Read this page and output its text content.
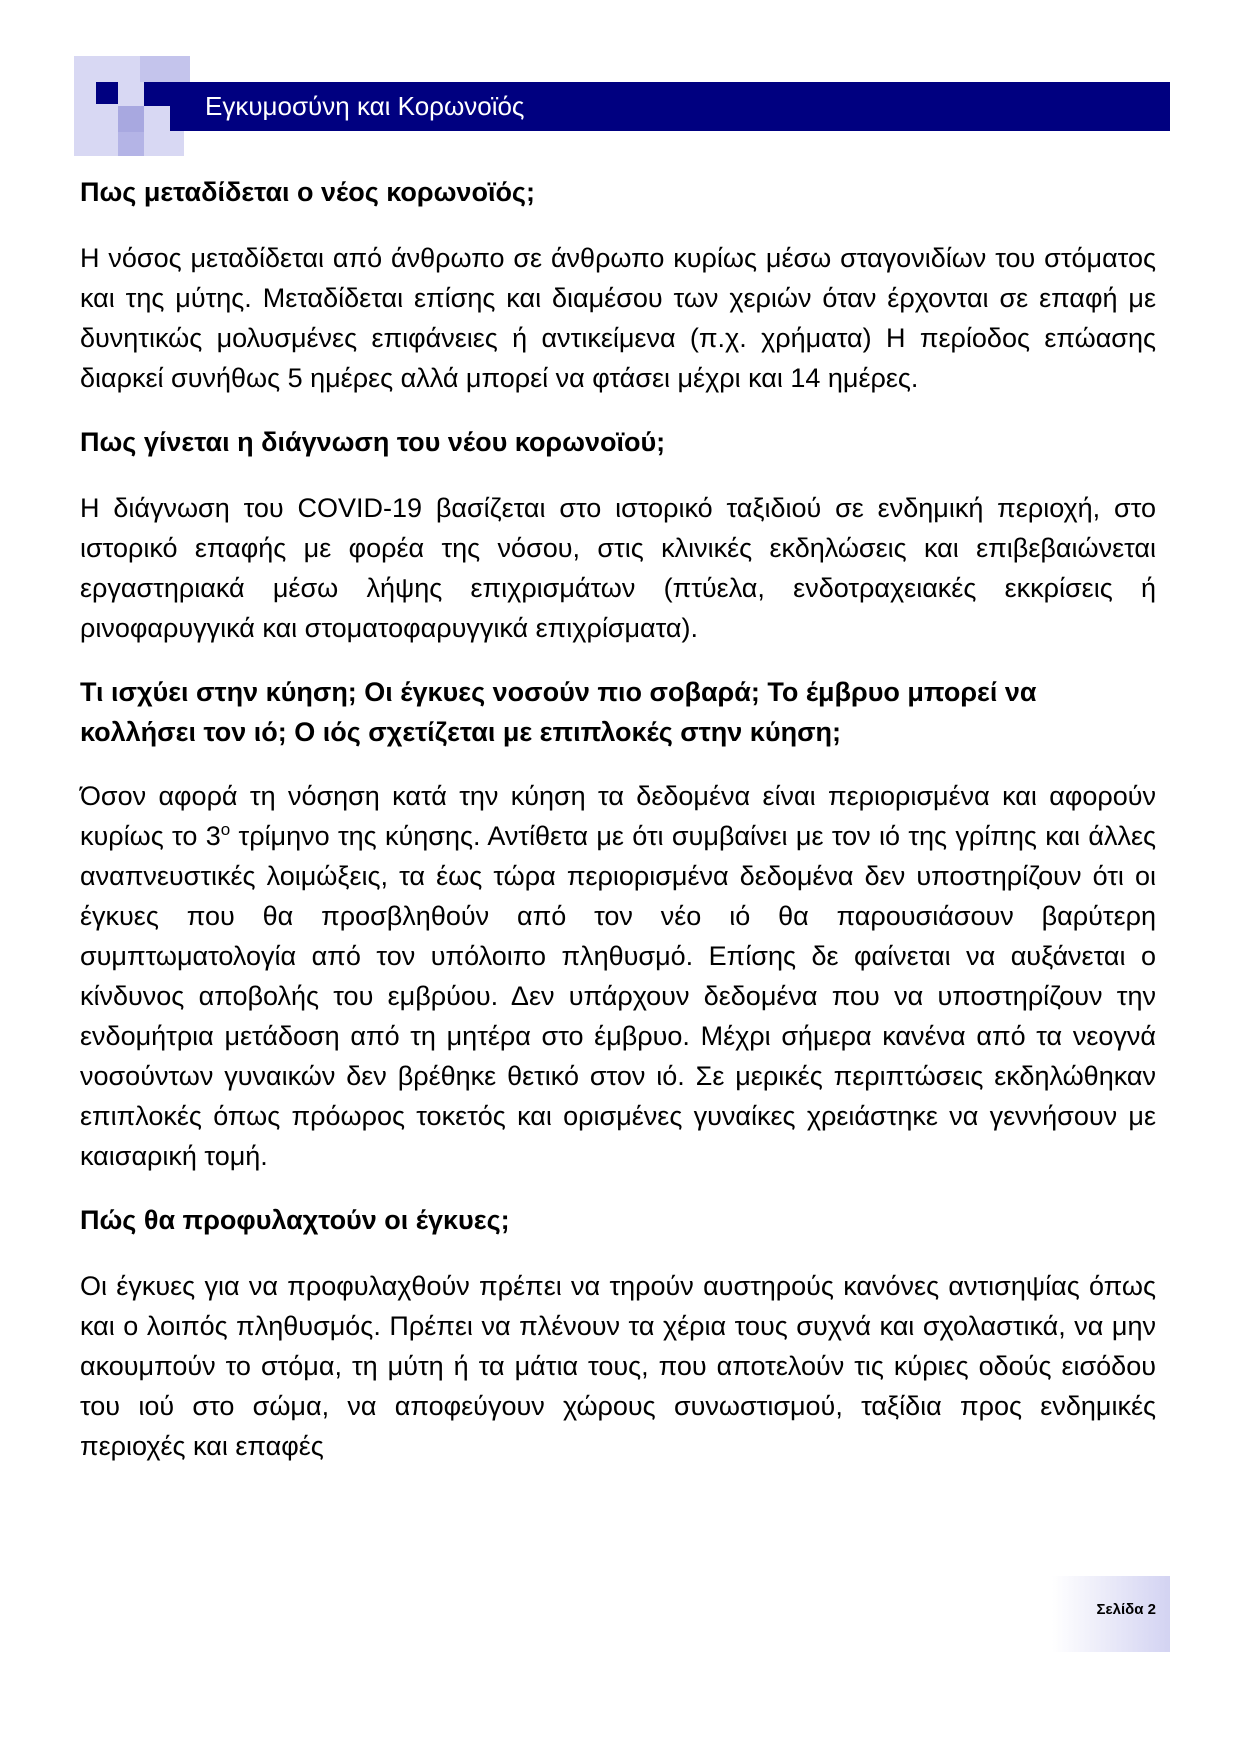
Εγκυμοσύνη και Κορωνοϊός
Πως μεταδίδεται ο νέος κορωνοϊός;

Η νόσος μεταδίδεται από άνθρωπο σε άνθρωπο κυρίως μέσω σταγονιδίων του στόματος και της μύτης. Μεταδίδεται επίσης και διαμέσου των χεριών όταν έρχονται σε επαφή με δυνητικώς μολυσμένες επιφάνειες ή αντικείμενα (π.χ. χρήματα) Η περίοδος επώασης διαρκεί συνήθως 5 ημέρες αλλά μπορεί να φτάσει μέχρι και 14 ημέρες.

Πως γίνεται η διάγνωση του νέου κορωνοϊού;

Η διάγνωση του COVID-19 βασίζεται στο ιστορικό ταξιδιού σε ενδημική περιοχή, στο ιστορικό επαφής με φορέα της νόσου, στις κλινικές εκδηλώσεις και επιβεβαιώνεται εργαστηριακά μέσω λήψης επιχρισμάτων (πτύελα, ενδοτραχειακές εκκρίσεις ή ρινοφαρυγγικά και στοματοφαρυγγικά επιχρίσματα).

Τι ισχύει στην κύηση; Οι έγκυες νοσούν πιο σοβαρά; Το έμβρυο μπορεί να κολλήσει τον ιό; Ο ιός σχετίζεται με επιπλοκές στην κύηση;

Όσον αφορά τη νόσηση κατά την κύηση τα δεδομένα είναι περιορισμένα και αφορούν κυρίως το $3^o$ τρίμηνο της κύησης. Αντίθετα με ότι συμβαίνει με τον ιό της γρίπης και άλλες αναπνευστικές λοιμώξεις, τα έως τώρα περιορισμένα δεδομένα δεν υποστηρίζουν ότι οι έγκυες που θα προσβληθούν από τον νέο ιό θα παρουσιάσουν βαρύτερη συμπτωματολογία από τον υπόλοιπο πληθυσμό. Επίσης δε φαίνεται να αυξάνεται ο κίνδυνος αποβολής του εμβρύου. Δεν υπάρχουν δεδομένα που να υποστηρίζουν την ενδομήτρια μετάδοση από τη μητέρα στο έμβρυο. Μέχρι σήμερα κανένα από τα νεογνά νοσούντων γυναικών δεν βρέθηκε θετικό στον ιό. Σε μερικές περιπτώσεις εκδηλώθηκαν επιπλοκές όπως πρόωρος τοκετός και ορισμένες γυναίκες χρειάστηκε να γεννήσουν με καισαρική τομή.

Πώς θα προφυλαχτούν οι έγκυες;

Οι έγκυες για να προφυλαχθούν πρέπει να τηρούν αυστηρούς κανόνες αντισηψίας όπως και ο λοιπός πληθυσμός. Πρέπει να πλένουν τα χέρια τους συχνά και σχολαστικά, να μην ακουμπούν το στόμα, τη μύτη ή τα μάτια τους, που αποτελούν τις κύριες οδούς εισόδου του ιού στο σώμα, να αποφεύγουν χώρους συνωστισμού, ταξίδια προς ενδημικές περιοχές και επαφές

Σελίδα 2
